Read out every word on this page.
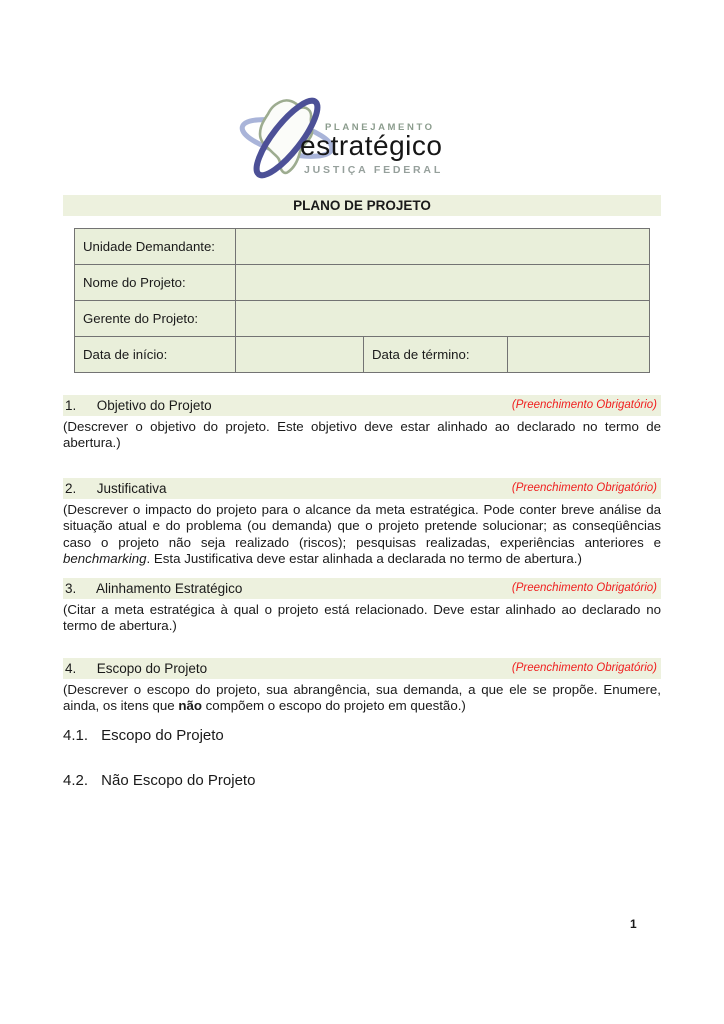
PLANEJAMENTO
estratégico
JUSTIÇA FEDERAL
PLANO DE PROJETO
Unidade Demandante:			
Nome do Projeto:			
Gerente do Projeto:			
Data de início:		Data de término:	
(Preenchimento Obrigatório)
1. Objetivo do Projeto
(Descrever o objetivo do projeto. Este objetivo deve estar alinhado ao declarado no termo de abertura.)
(Preenchimento Obrigatório)
2. Justificativa
(Descrever o impacto do projeto para o alcance da meta estratégica. Pode conter breve análise da situação atual e do problema (ou demanda) que o projeto pretende solucionar; as conseqüências caso o projeto não seja realizado (riscos); pesquisas realizadas, experiências anteriores e benchmarking. Esta Justificativa deve estar alinhada a declarada no termo de abertura.)
(Preenchimento Obrigatório)
3. Alinhamento Estratégico
(Citar a meta estratégica à qual o projeto está relacionado. Deve estar alinhado ao declarado no termo de abertura.)
(Preenchimento Obrigatório)
4. Escopo do Projeto
(Descrever o escopo do projeto, sua abrangência, sua demanda, a que ele se propõe. Enumere, ainda, os itens que não compõem o escopo do projeto em questão.)
4.1. Escopo do Projeto
4.2. Não Escopo do Projeto
1
